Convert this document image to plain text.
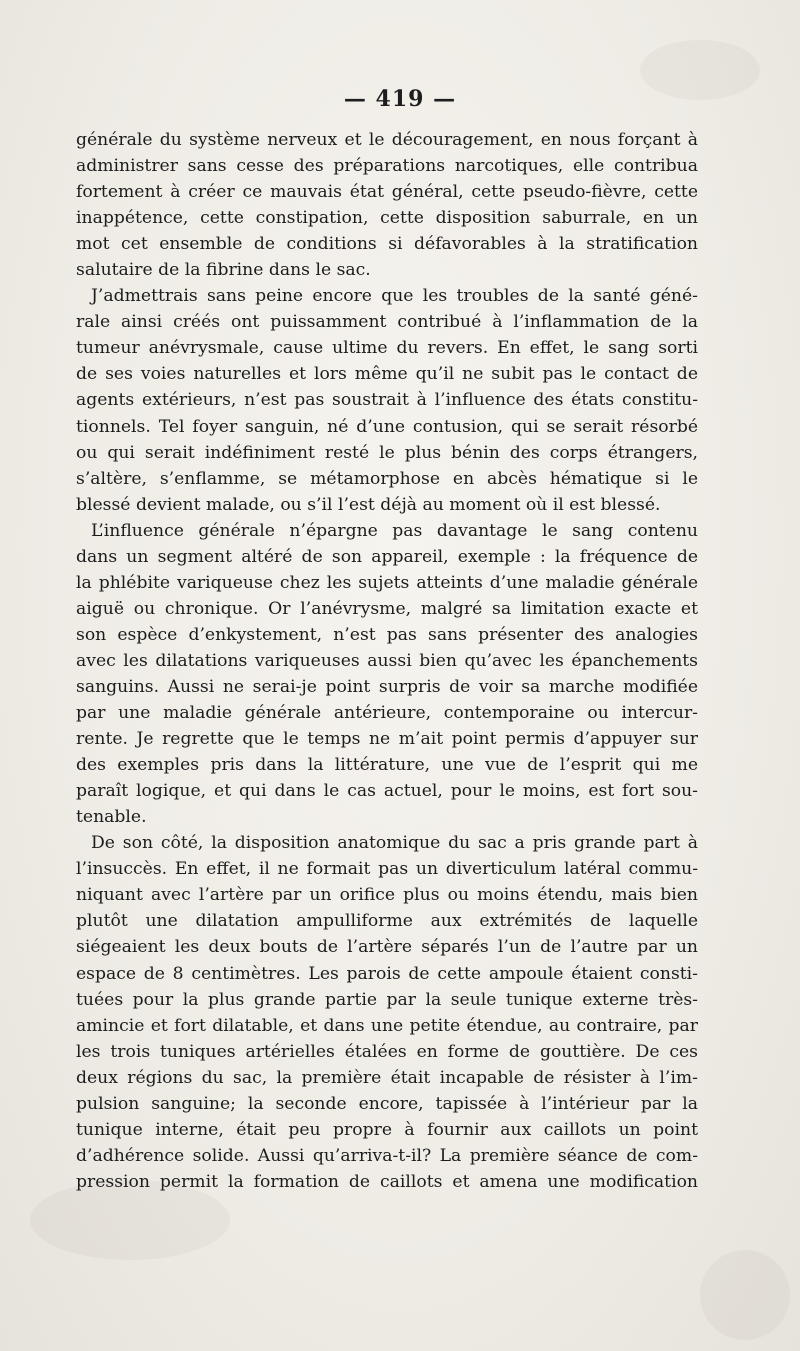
— 419 —
générale du système nerveux et le découragement, en nous forçant à
administrer sans cesse des préparations narcotiques, elle contribua
fortement à créer ce mauvais état général, cette pseudo-fièvre, cette
inappétence, cette constipation, cette disposition saburrale, en un
mot cet ensemble de conditions si défavorables à la stratification
salutaire de la fibrine dans le sac.
J’admettrais sans peine encore que les troubles de la santé géné-
rale ainsi créés ont puissamment contribué à l’inflammation de la
tumeur anévrysmale, cause ultime du revers. En effet, le sang sorti
de ses voies naturelles et lors même qu’il ne subit pas le contact de
agents extérieurs, n’est pas soustrait à l’influence des états constitu-
tionnels. Tel foyer sanguin, né d’une contusion, qui se serait résorbé
ou qui serait indéfiniment resté le plus bénin des corps étrangers,
s’altère, s’enflamme, se métamorphose en abcès hématique si le
blessé devient malade, ou s’il l’est déjà au moment où il est blessé.
L’influence générale n’épargne pas davantage le sang contenu
dans un segment altéré de son appareil, exemple : la fréquence de
la phlébite variqueuse chez les sujets atteints d’une maladie générale
aiguë ou chronique. Or l’anévrysme, malgré sa limitation exacte et
son espèce d’enkystement, n’est pas sans présenter des analogies
avec les dilatations variqueuses aussi bien qu’avec les épanchements
sanguins. Aussi ne serai-je point surpris de voir sa marche modifiée
par une maladie générale antérieure, contemporaine ou intercur-
rente. Je regrette que le temps ne m’ait point permis d’appuyer sur
des exemples pris dans la littérature, une vue de l’esprit qui me
paraît logique, et qui dans le cas actuel, pour le moins, est fort sou-
tenable.
De son côté, la disposition anatomique du sac a pris grande part à
l’insuccès. En effet, il ne formait pas un diverticulum latéral commu-
niquant avec l’artère par un orifice plus ou moins étendu, mais bien
plutôt une dilatation ampulliforme aux extrémités de laquelle
siégeaient les deux bouts de l’artère séparés l’un de l’autre par un
espace de 8 centimètres. Les parois de cette ampoule étaient consti-
tuées pour la plus grande partie par la seule tunique externe très-
amincie et fort dilatable, et dans une petite étendue, au contraire, par
les trois tuniques artérielles étalées en forme de gouttière. De ces
deux régions du sac, la première était incapable de résister à l’im-
pulsion sanguine; la seconde encore, tapissée à l’intérieur par la
tunique interne, était peu propre à fournir aux caillots un point
d’adhérence solide. Aussi qu’arriva-t-il? La première séance de com-
pression permit la formation de caillots et amena une modification
